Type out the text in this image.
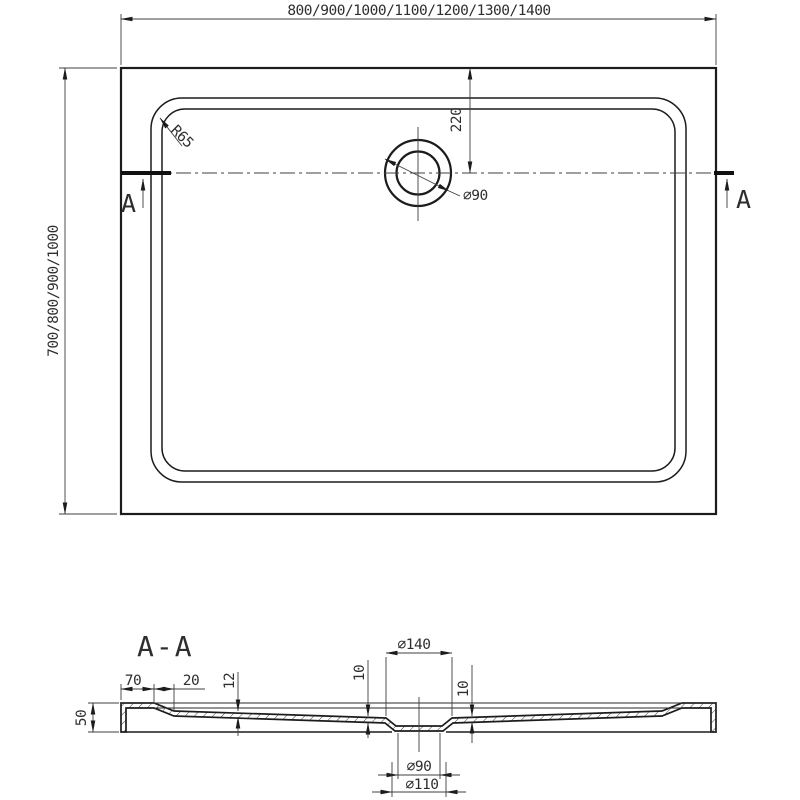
A	A
800/900/1000/1100/1200/1300/1400
700/800/900/1000
220
R65
∅90
A-A
50
70	20 12	10
10
∅140
∅90
∅110
